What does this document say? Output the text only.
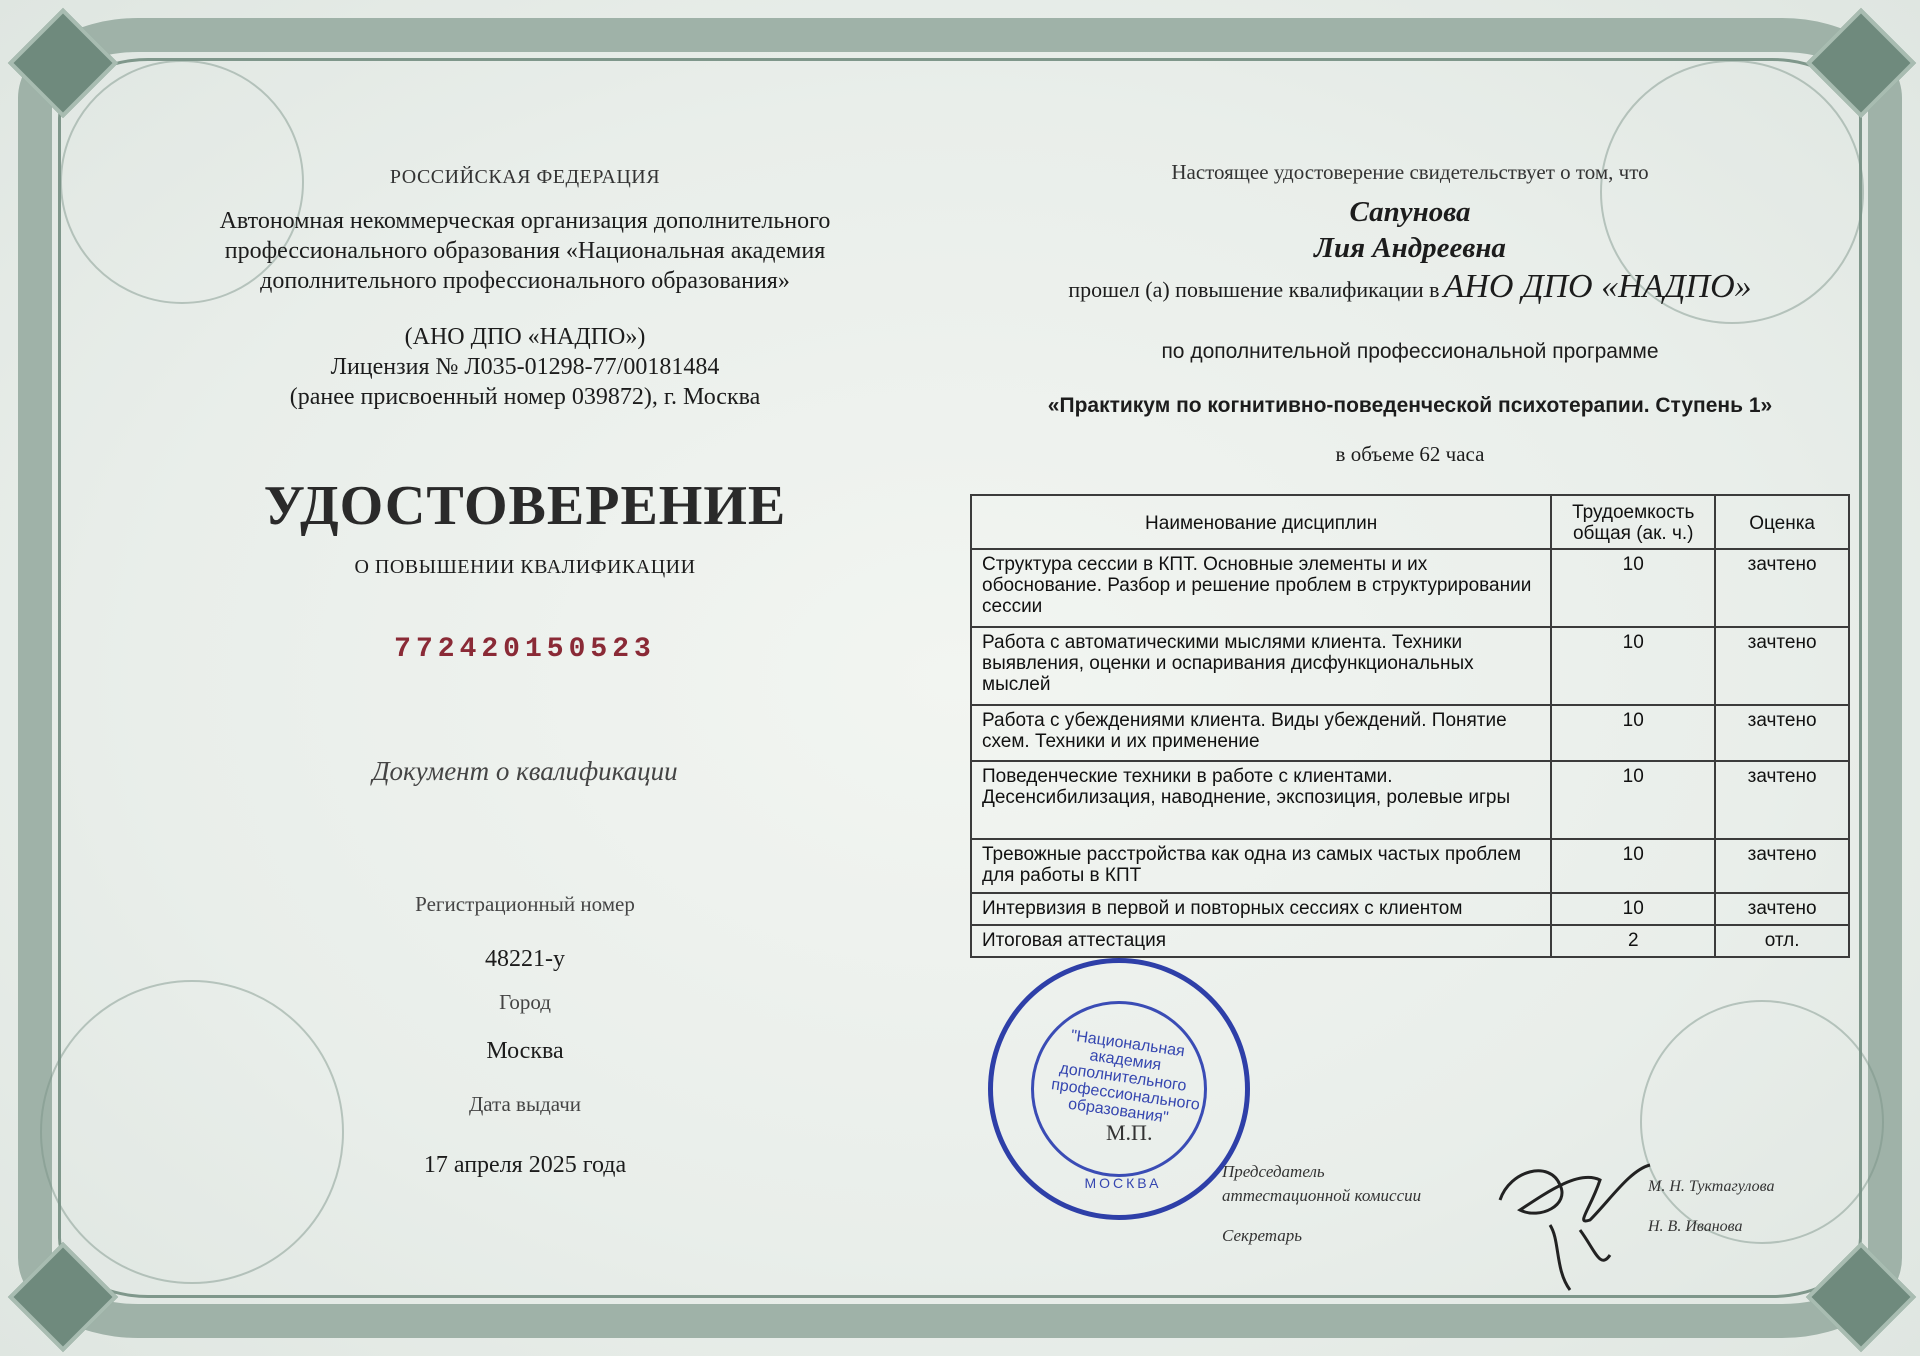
РОССИЙСКАЯ ФЕДЕРАЦИЯ
Автономная некоммерческая организация дополнительного
профессионального образования «Национальная академия
дополнительного профессионального образования»
(АНО ДПО «НАДПО»)
Лицензия № Л035-01298-77/00181484
(ранее присвоенный номер 039872), г. Москва
УДОСТОВЕРЕНИЕ
О ПОВЫШЕНИИ КВАЛИФИКАЦИИ
772420150523
Документ о квалификации
Регистрационный номер
48221-у
Город
Москва
Дата выдачи
17 апреля 2025 года
Настоящее удостоверение свидетельствует о том, что
Сапунова
Лия Андреевна
прошел (а) повышение квалификации в АНО ДПО «НАДПО»
по дополнительной профессиональной программе
«Практикум по когнитивно-поведенческой психотерапии. Ступень 1»
в объеме 62 часа
Наименование дисциплин	Трудоемкость общая (ак. ч.)	Оценка
Структура сессии в КПТ. Основные элементы и их обоснование. Разбор и решение проблем в структурировании сессии	10	зачтено
Работа с автоматическими мыслями клиента. Техники выявления, оценки и оспаривания дисфункциональных мыслей	10	зачтено
Работа с убеждениями клиента. Виды убеждений. Понятие схем. Техники и их применение	10	зачтено
Поведенческие техники в работе с клиентами. Десенсибилизация, наводнение, экспозиция, ролевые игры	10	зачтено
Тревожные расстройства как одна из самых частых проблем для работы в КПТ	10	зачтено
Интервизия в первой и повторных сессиях с клиентом	10	зачтено
Итоговая аттестация	2	отл.
"Национальная академия дополнительного профессионального образования"
МОСКВА
М.П.
Председатель
аттестационной комиссии	М. Н. Туктагулова
Секретарь	Н. В. Иванова
